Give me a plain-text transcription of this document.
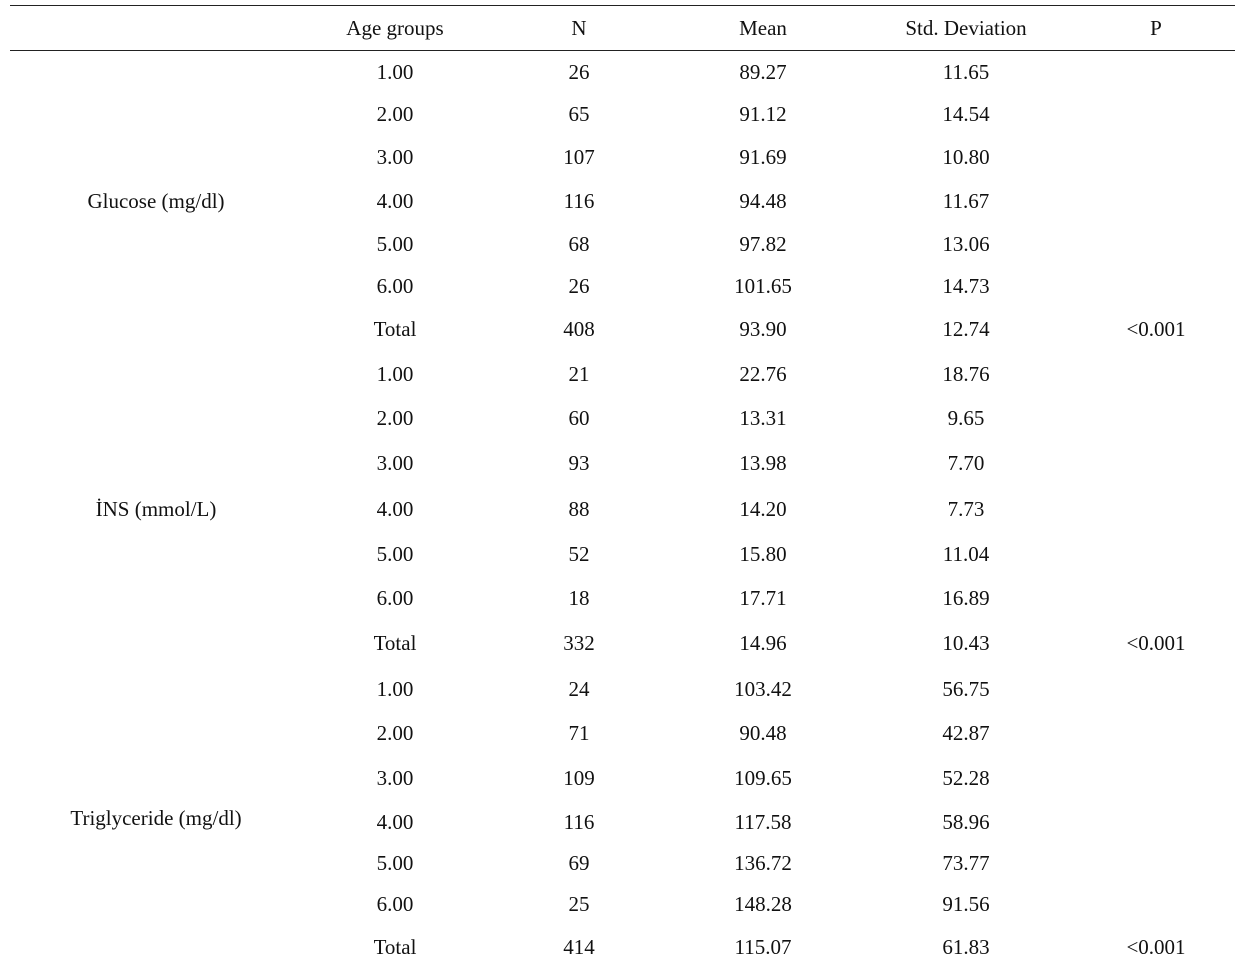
Age groups	N	Mean	Std. Deviation	P
Glucose (mg/dl)
1.00	26	89.27	11.65
2.00	65	91.12	14.54
3.00	107	91.69	10.80
4.00	116	94.48	11.67
5.00	68	97.82	13.06
6.00	26	101.65	14.73
Total	408	93.90	12.74	<0.001
İNS (mmol/L)
1.00	21	22.76	18.76
2.00	60	13.31	9.65
3.00	93	13.98	7.70
4.00	88	14.20	7.73
5.00	52	15.80	11.04
6.00	18	17.71	16.89
Total	332	14.96	10.43	<0.001
Triglyceride (mg/dl)
1.00	24	103.42	56.75
2.00	71	90.48	42.87
3.00	109	109.65	52.28
4.00	116	117.58	58.96
5.00	69	136.72	73.77
6.00	25	148.28	91.56
Total	414	115.07	61.83	<0.001
